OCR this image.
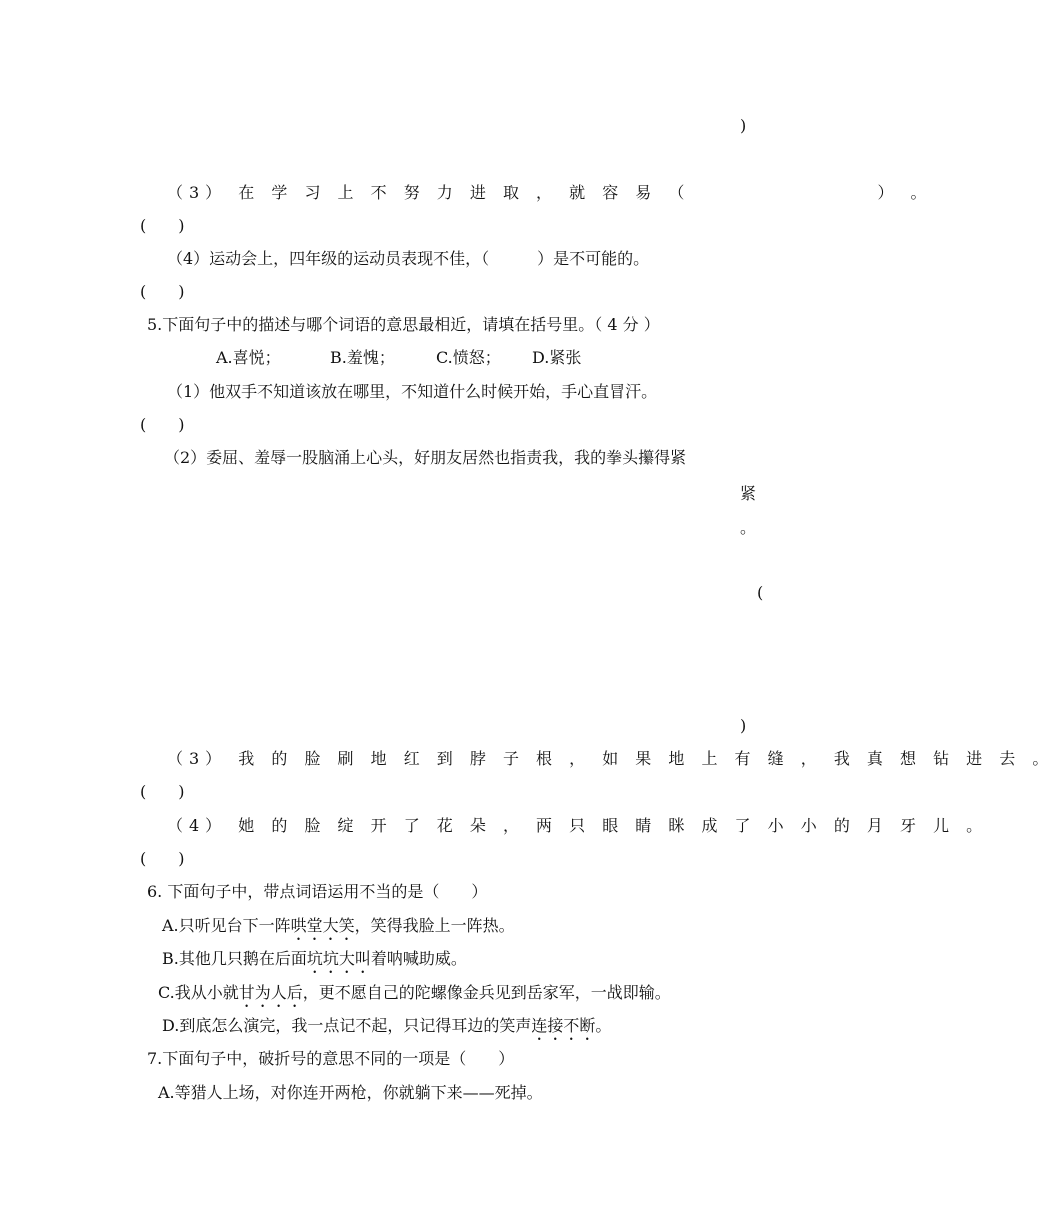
)
（3） 在 学 习 上 不 努 力 进 取 ， 就 容 易 （　　　　　　　　 ） 。
(　　)
（4）运动会上，四年级的运动员表现不佳，（　　　）是不可能的。
(　　)
5.下面句子中的描述与哪个词语的意思最相近，请填在括号里。（ 4 分 ）
A.喜悦；	B.羞愧；	C.愤怒； D.紧张
（1）他双手不知道该放在哪里，不知道什么时候开始，手心直冒汗。
(　　)
（2）委屈、羞辱一股脑涌上心头，好朋友居然也指责我，我的拳头攥得紧
紧
。
(
)
（3） 我 的 脸 刷 地 红 到 脖 子 根 ， 如 果 地 上 有 缝 ， 我 真 想 钻 进 去 。
(　　)
（4） 她 的 脸 绽 开 了 花 朵 ， 两 只 眼 睛 眯 成 了 小 小 的 月 牙 儿 。
(　　)
6. 下面句子中，带点词语运用不当的是（　　）
A.只听见台下一阵哄堂大笑，笑得我脸上一阵热。
B.其他几只鹅在后面坑坑大叫着呐喊助威。
C.我从小就甘为人后，更不愿自己的陀螺像金兵见到岳家军，一战即输。
D.到底怎么演完，我一点记不起，只记得耳边的笑声连接不断。
7.下面句子中，破折号的意思不同的一项是（　　）
A.等猎人上场，对你连开两枪，你就躺下来——死掉。
